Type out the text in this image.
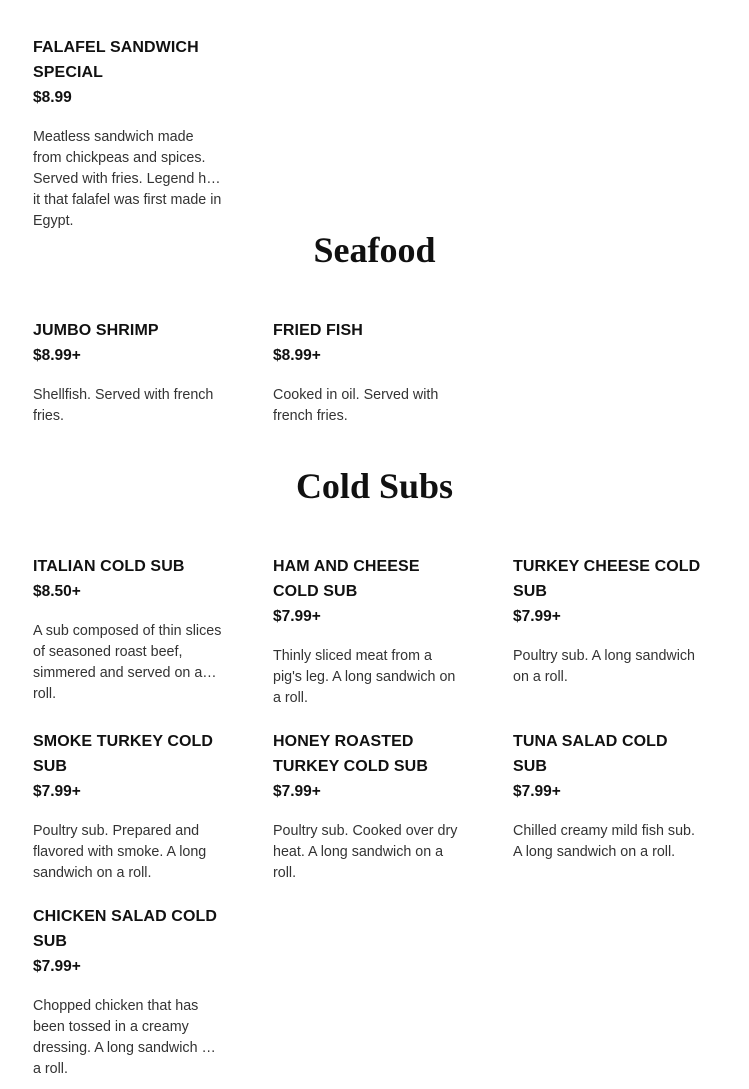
FALAFEL SANDWICH SPECIAL
$8.99
Meatless sandwich made from chickpeas and spices. Served with fries. Legend has it that falafel was first made in Egypt.
Seafood
JUMBO SHRIMP
$8.99+
Shellfish. Served with french fries.
FRIED FISH
$8.99+
Cooked in oil. Served with french fries.
Cold Subs
ITALIAN COLD SUB
$8.50+
A sub composed of thin slices of seasoned roast beef, simmered and served on a roll.
HAM AND CHEESE COLD SUB
$7.99+
Thinly sliced meat from a pig's leg. A long sandwich on a roll.
TURKEY CHEESE COLD SUB
$7.99+
Poultry sub. A long sandwich on a roll.
SMOKE TURKEY COLD SUB
$7.99+
Poultry sub. Prepared and flavored with smoke. A long sandwich on a roll.
HONEY ROASTED TURKEY COLD SUB
$7.99+
Poultry sub. Cooked over dry heat. A long sandwich on a roll.
TUNA SALAD COLD SUB
$7.99+
Chilled creamy mild fish sub. A long sandwich on a roll.
CHICKEN SALAD COLD SUB
$7.99+
Chopped chicken that has been tossed in a creamy dressing. A long sandwich on a roll.
